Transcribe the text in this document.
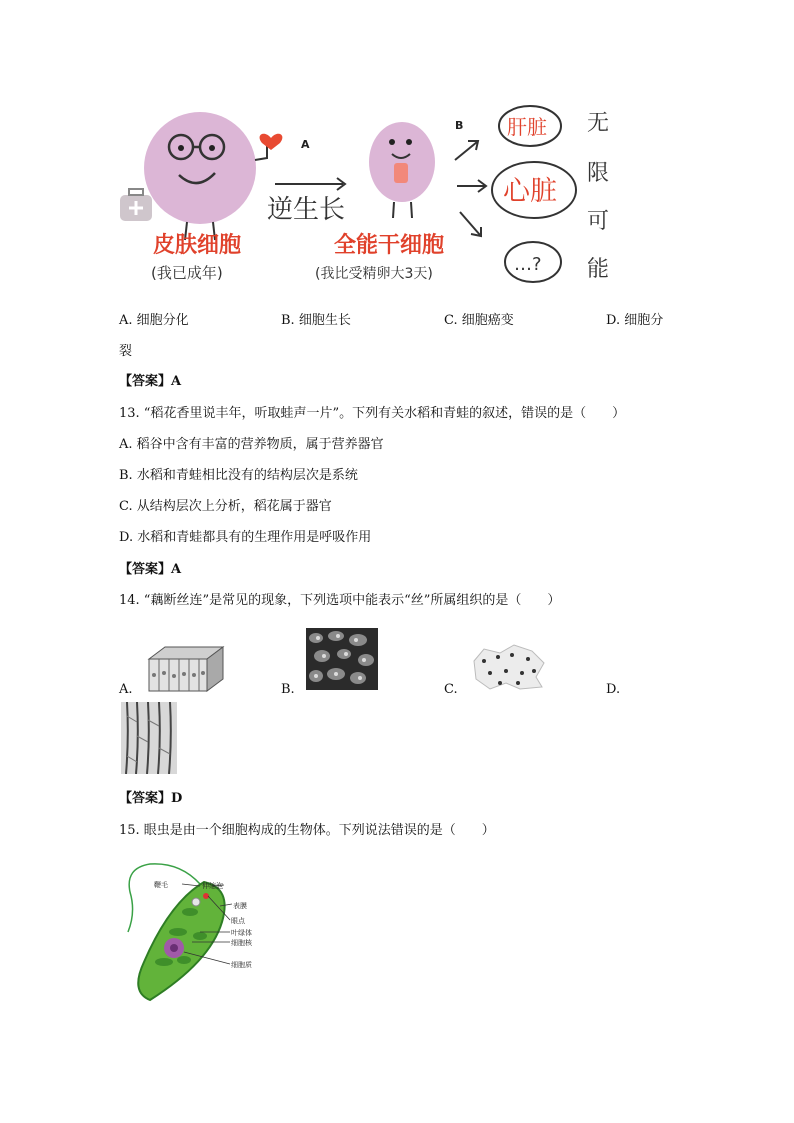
A
逆生长
皮肤细胞
(我已成年)
全能干细胞
(我比受精卵大3天)
B 肝脏
心脏
…?
无
限
可
能
A. 细胞分化	B. 细胞生长	C. 细胞癌变	D. 细胞分
裂
【答案】A
13. “稻花香里说丰年，听取蛙声一片”。下列有关水稻和青蛙的叙述，错误的是（　　）
A. 稻谷中含有丰富的营养物质，属于营养器官
B. 水稻和青蛙相比没有的结构层次是系统
C. 从结构层次上分析，稻花属于器官
D. 水稻和青蛙都具有的生理作用是呼吸作用
【答案】A
14. “藕断丝连”是常见的现象，下列选项中能表示“丝”所属组织的是（　　）
A.	B.	C.	D.
【答案】D
15. 眼虫是由一个细胞构成的生物体。下列说法错误的是（　　）
鞭毛	伸缩泡
表膜
眼点
叶绿体
细胞核
细胞质
